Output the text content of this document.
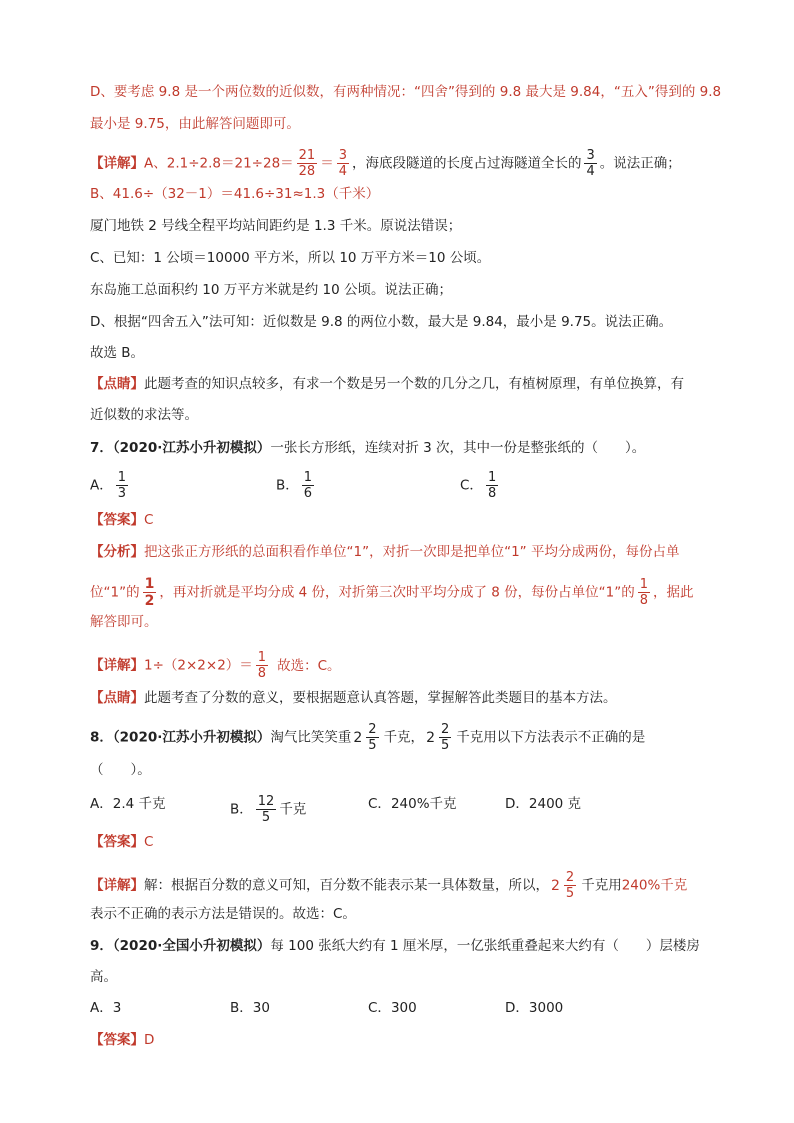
D、要考虑 9.8 是一个两位数的近似数，有两种情况：“四舍”得到的 9.8 最大是 9.84，“五入”得到的 9.8
最小是 9.75，由此解答问题即可。
【详解】A、$2.1\div 2.8=21\div 28= \frac{21}{28} = \frac{3}{4}$ ，海底段隧道的长度占过海隧道全长的 $\frac{3}{4}$ 。说法正确；
B、41.6÷（32－1）＝41.6÷31≈1.3（千米）
厦门地铁 2 号线全程平均站间距约是 1.3 千米。原说法错误；
C、已知：1 公顷＝10000 平方米，所以 10 万平方米＝10 公顷。
东岛施工总面积约 10 万平方米就是约 10 公顷。说法正确；
D、根据“四舍五入”法可知：近似数是 9.8 的两位小数，最大是 9.84，最小是 9.75。说法正确。
故选 B。
【点睛】此题考查的知识点较多，有求一个数是另一个数的几分之几，有植树原理，有单位换算，有
近似数的求法等。
7．（2020·江苏小升初模拟）一张长方形纸，连续对折 3 次，其中一份是整张纸的（　　）。
A． $\frac{1}{3}$	B． $\frac{1}{6}$	C． $\frac{1}{8}$
【答案】C
【分析】把这张正方形纸的总面积看作单位“1”，对折一次即是把单位“1” 平均分成两份，每份占单
位“1”的 $\frac{1}{2}$ ，再对折就是平均分成 4 份，对折第三次时平均分成了 8 份，每份占单位“1”的 $\frac{1}{8}$ ，据此
解答即可。
【详解】$1\div(2\times 2\times 2)= \frac{1}{8}$ 故选：C。
【点睛】此题考查了分数的意义，要根据题意认真答题，掌握解答此类题目的基本方法。
8．（2020·江苏小升初模拟）淘气比笑笑重 $2 \frac{2}{5}$ 千克， $2 \frac{2}{5}$ 千克用以下方法表示不正确的是
（　　）。
A．2.4 千克	B． $\frac{12}{5}$ 千克	C．240%千克	D．2400 克
【答案】C
【详解】解：根据百分数的意义可知，百分数不能表示某一具体数量，所以， $2 \frac{2}{5}$ 千克用240%千克
表示不正确的表示方法是错误的。故选：C。
9．（2020·全国小升初模拟）每 100 张纸大约有 1 厘米厚，一亿张纸重叠起来大约有（　　）层楼房
高。
A．3	B．30	C．300	D．3000
【答案】D
